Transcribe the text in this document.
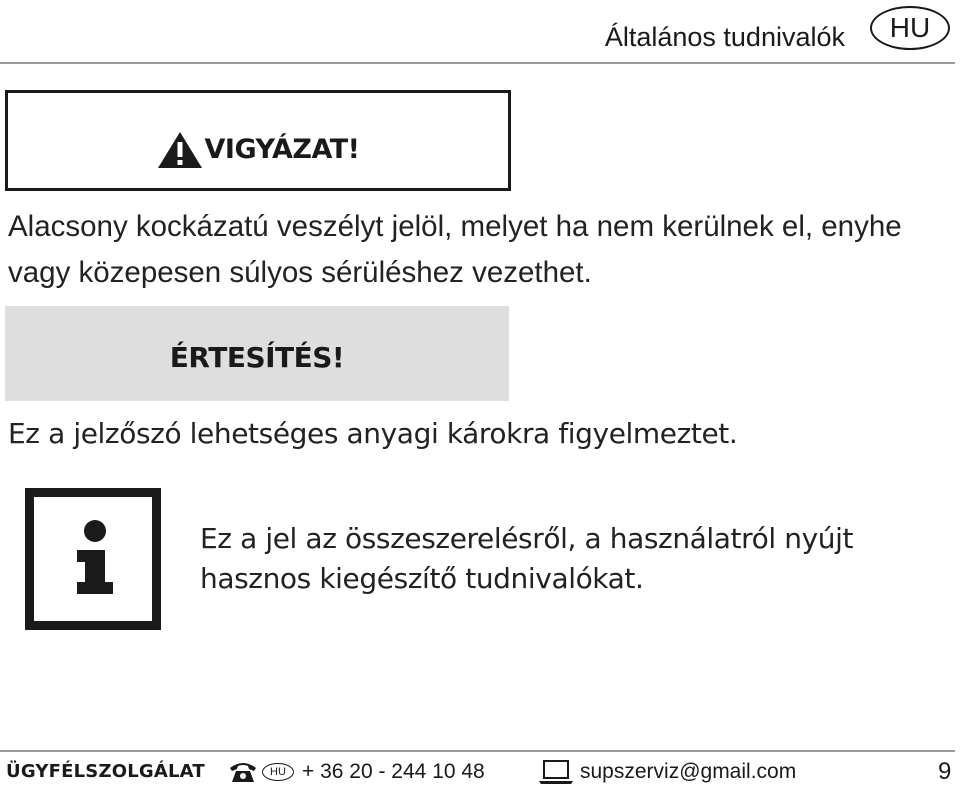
Általános tudnivalók	HU
VIGYÁZAT!
Alacsony kockázatú veszélyt jelöl, melyet ha nem kerülnek el, enyhe vagy közepesen súlyos sérüléshez vezethet.
ÉRTESÍTÉS!
Ez a jelzőszó lehetséges anyagi károkra figyelmeztet.
Ez a jel az összeszerelésről, a használatról nyújt hasznos kiegészítő tudnivalókat.
ÜGYFÉLSZOLGÁLAT	HU + 36 20 - 244 10 48	supszerviz@gmail.com	9
